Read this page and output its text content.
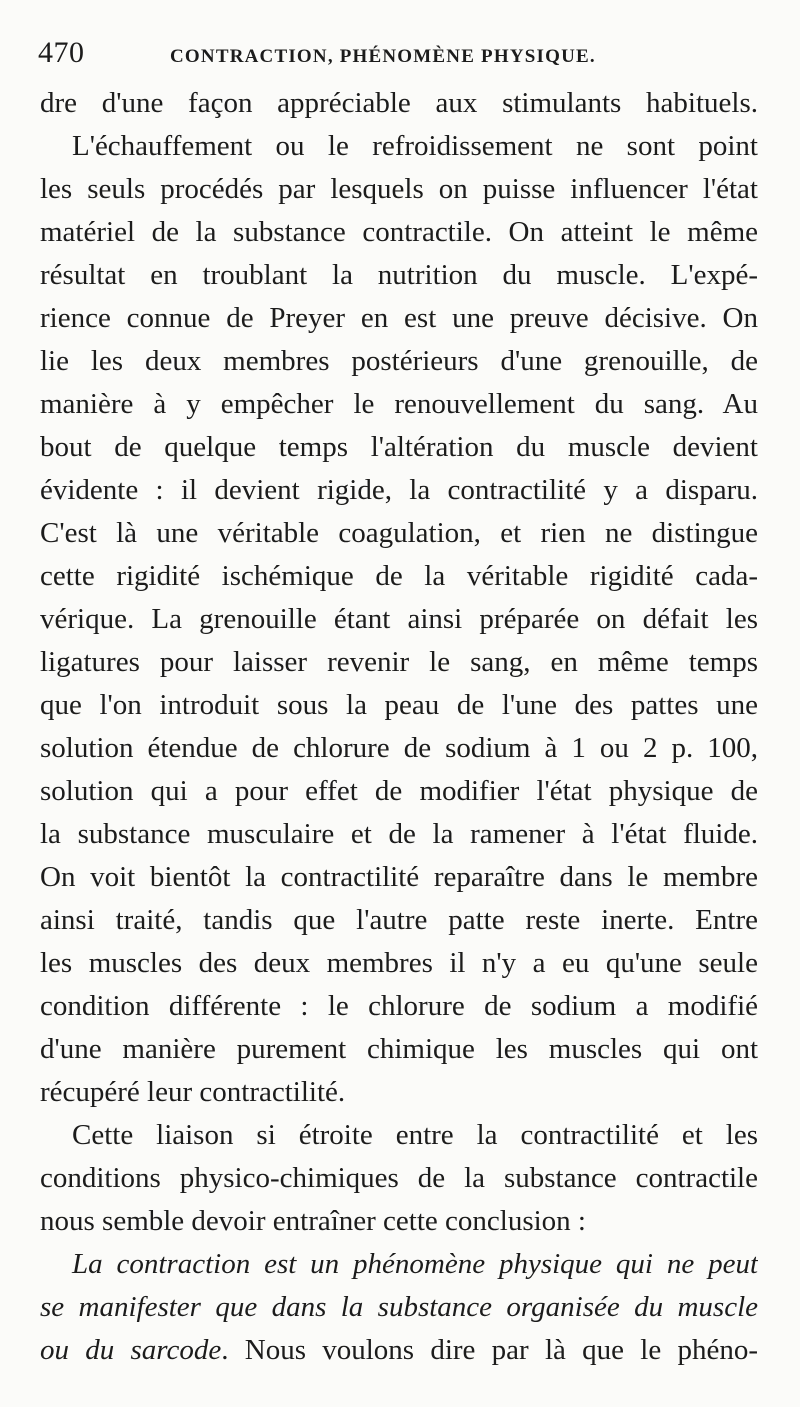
470	CONTRACTION, PHÉNOMÈNE PHYSIQUE.
dre d'une façon appréciable aux stimulants habituels.
L'échauffement ou le refroidissement ne sont point
les seuls procédés par lesquels on puisse influencer l'état
matériel de la substance contractile. On atteint le même
résultat en troublant la nutrition du muscle. L'expé-
rience connue de Preyer en est une preuve décisive. On
lie les deux membres postérieurs d'une grenouille, de
manière à y empêcher le renouvellement du sang. Au
bout de quelque temps l'altération du muscle devient
évidente : il devient rigide, la contractilité y a disparu.
C'est là une véritable coagulation, et rien ne distingue
cette rigidité ischémique de la véritable rigidité cada-
vérique. La grenouille étant ainsi préparée on défait les
ligatures pour laisser revenir le sang, en même temps
que l'on introduit sous la peau de l'une des pattes une
solution étendue de chlorure de sodium à 1 ou 2 p. 100,
solution qui a pour effet de modifier l'état physique de
la substance musculaire et de la ramener à l'état fluide.
On voit bientôt la contractilité reparaître dans le membre
ainsi traité, tandis que l'autre patte reste inerte. Entre
les muscles des deux membres il n'y a eu qu'une seule
condition différente : le chlorure de sodium a modifié
d'une manière purement chimique les muscles qui ont
récupéré leur contractilité.
Cette liaison si étroite entre la contractilité et les
conditions physico-chimiques de la substance contractile
nous semble devoir entraîner cette conclusion :
La contraction est un phénomène physique qui ne peut
se manifester que dans la substance organisée du muscle
ou du sarcode. Nous voulons dire par là que le phéno-
